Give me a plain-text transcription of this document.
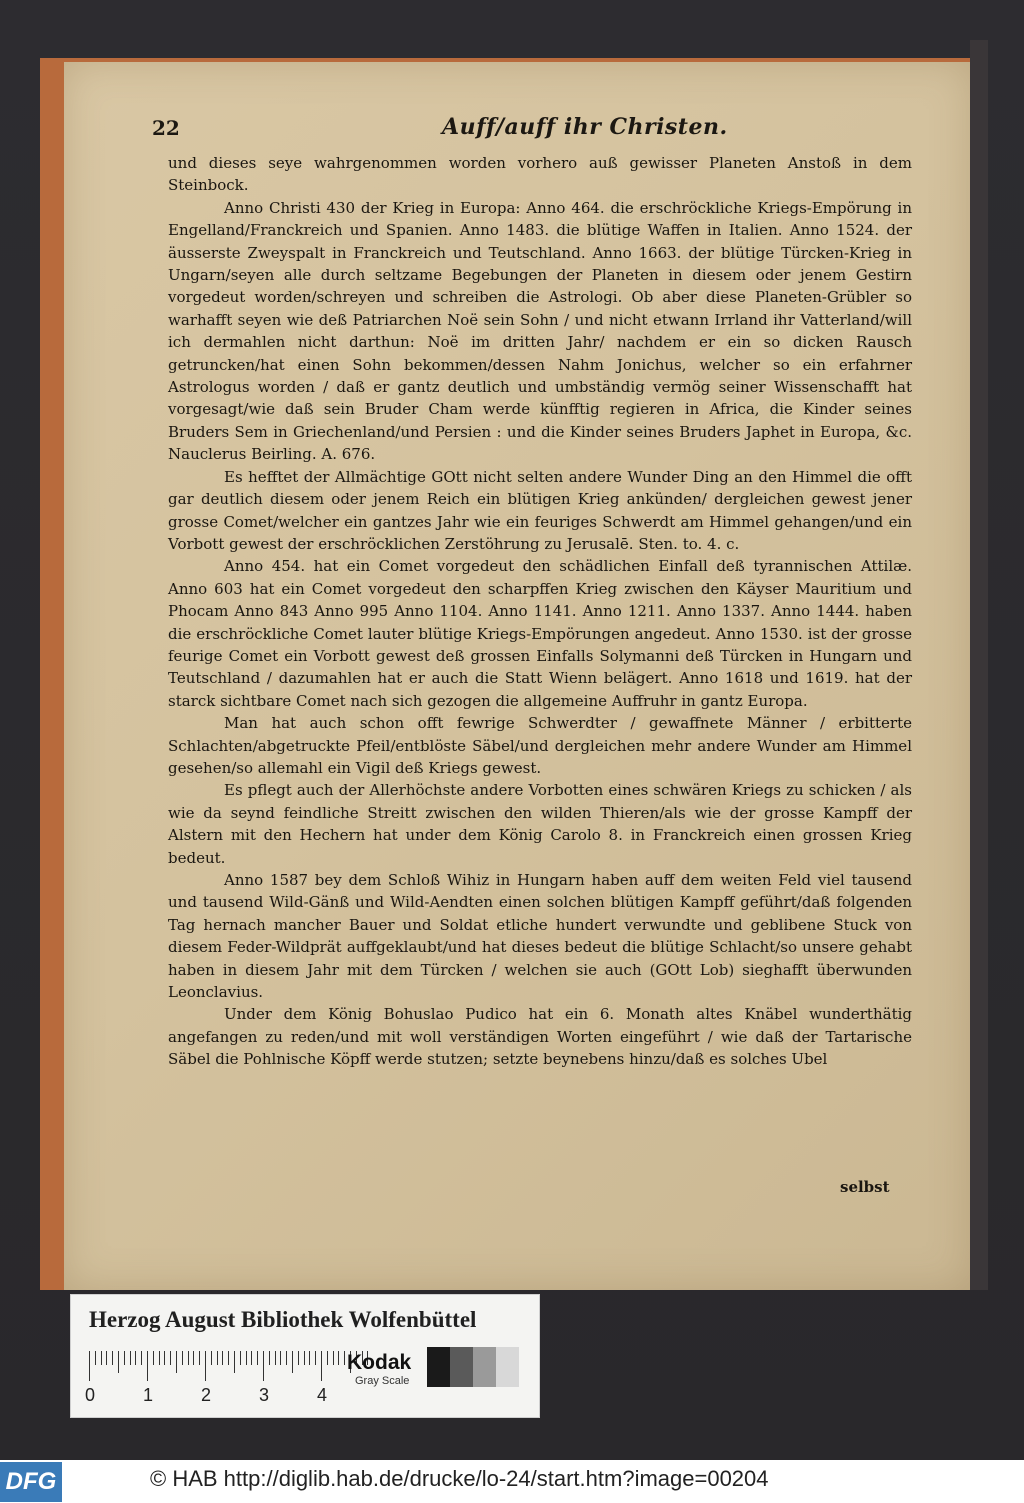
22	Auff/auff ihr Christen.

und dieses seye wahrgenommen worden vorhero auß gewisser Planeten Anstoß in dem Steinbock.

Anno Christi 430 der Krieg in Europa: Anno 464. die erschröckliche Kriegs-Empörung in Engelland/Franckreich und Spanien. Anno 1483. die blütige Waffen in Italien. Anno 1524. der äusserste Zweyspalt in Franckreich und Teutschland. Anno 1663. der blütige Türcken-Krieg in Ungarn/seyen alle durch seltzame Begebungen der Planeten in diesem oder jenem Gestirn vorgedeut worden/schreyen und schreiben die Astrologi. Ob aber diese Planeten-Grübler so warhafft seyen wie deß Patriarchen Noë sein Sohn / und nicht etwann Irrland ihr Vatterland/will ich dermahlen nicht darthun: Noë im dritten Jahr/ nachdem er ein so dicken Rausch getruncken/hat einen Sohn bekommen/dessen Nahm Jonichus, welcher so ein erfahrner Astrologus worden / daß er gantz deutlich und umbständig vermög seiner Wissenschafft hat vorgesagt/wie daß sein Bruder Cham werde künfftig regieren in Africa, die Kinder seines Bruders Sem in Griechenland/und Persien : und die Kinder seines Bruders Japhet in Europa, &c. Nauclerus Beirling. A. 676.

Es hefftet der Allmächtige GOtt nicht selten andere Wunder Ding an den Himmel die offt gar deutlich diesem oder jenem Reich ein blütigen Krieg ankünden/ dergleichen gewest jener grosse Comet/welcher ein gantzes Jahr wie ein feuriges Schwerdt am Himmel gehangen/und ein Vorbott gewest der erschröcklichen Zerstöhrung zu Jerusalē. Sten. to. 4. c.

Anno 454. hat ein Comet vorgedeut den schädlichen Einfall deß tyrannischen Attilæ. Anno 603 hat ein Comet vorgedeut den scharpffen Krieg zwischen den Käyser Mauritium und Phocam Anno 843 Anno 995 Anno 1104. Anno 1141. Anno 1211. Anno 1337. Anno 1444. haben die erschröckliche Comet lauter blütige Kriegs-Empörungen angedeut. Anno 1530. ist der grosse feurige Comet ein Vorbott gewest deß grossen Einfalls Solymanni deß Türcken in Hungarn und Teutschland / dazumahlen hat er auch die Statt Wienn belägert. Anno 1618 und 1619. hat der starck sichtbare Comet nach sich gezogen die allgemeine Auffruhr in gantz Europa.

Man hat auch schon offt fewrige Schwerdter / gewaffnete Männer / erbitterte Schlachten/abgetruckte Pfeil/entblöste Säbel/und dergleichen mehr andere Wunder am Himmel gesehen/so allemahl ein Vigil deß Kriegs gewest.

Es pflegt auch der Allerhöchste andere Vorbotten eines schwären Kriegs zu schicken / als wie da seynd feindliche Streitt zwischen den wilden Thieren/als wie der grosse Kampff der Alstern mit den Hechern hat under dem König Carolo 8. in Franckreich einen grossen Krieg bedeut.

Anno 1587 bey dem Schloß Wihiz in Hungarn haben auff dem weiten Feld viel tausend und tausend Wild-Gänß und Wild-Aendten einen solchen blütigen Kampff geführt/daß folgenden Tag hernach mancher Bauer und Soldat etliche hundert verwundte und geblibene Stuck von diesem Feder-Wildprät auffgeklaubt/und hat dieses bedeut die blütige Schlacht/so unsere gehabt haben in diesem Jahr mit dem Türcken / welchen sie auch (GOtt Lob) sieghafft überwunden Leonclavius.

Under dem König Bohuslao Pudico hat ein 6. Monath altes Knäbel wunderthätig angefangen zu reden/und mit woll verständigen Worten eingeführt / wie daß der Tartarische Säbel die Pohlnische Köpff werde stutzen; setzte beynebens hinzu/daß es solches Ubel

selbst
Herzog August Bibliothek Wolfenbüttel
0	1	2	3	4
Kodak
Gray Scale
DFG	© HAB http://diglib.hab.de/drucke/lo-24/start.htm?image=00204
